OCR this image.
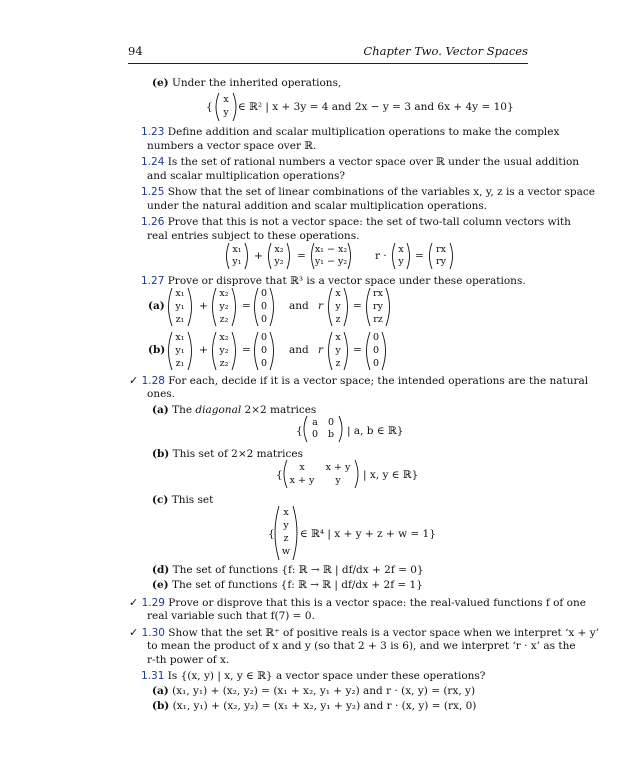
94	Chapter Two. Vector Spaces
(e) Under the inherited operations,
{
x
y ∈ ℝ² | x + 3y = 4 and 2x − y = 3 and 6x + 4y = 10}
1.23 Define addition and scalar multiplication operations to make the complex
numbers a vector space over ℝ.
1.24 Is the set of rational numbers a vector space over ℝ under the usual addition
and scalar multiplication operations?
1.25 Show that the set of linear combinations of the variables x, y, z is a vector space
under the natural addition and scalar multiplication operations.
1.26 Prove that this is not a vector space: the set of two-tall column vectors with
real entries subject to these operations.
x₁
y₁	+
x₂
y₂	=
x₁ − x₂
y₁ − y₂	r ·
x
y	=
rx
ry
1.27 Prove or disprove that ℝ³ is a vector space under these operations.
(a)
x₁
y₁
z₁
+
x₂
y₂
z₂
=
0
0
0
and r
x
y
z
=
rx
ry
rz
(b)
x₁
y₁
z₁
+
x₂
y₂
z₂
=
0
0
0
and r
x
y
z
=
0
0
0
✓ 1.28 For each, decide if it is a vector space; the intended operations are the natural
ones.
(a) The diagonal 2×2 matrices
{
a	0
0	b	| a, b ∈ ℝ}
(b) This set of 2×2 matrices
{
x	x + y
x + y	y	| x, y ∈ ℝ}
(c) This set
{
x
y
z
w
∈ ℝ⁴ | x + y + z + w = 1}
(d) The set of functions {f: ℝ → ℝ | df/dx + 2f = 0}
(e) The set of functions {f: ℝ → ℝ | df/dx + 2f = 1}
✓ 1.29 Prove or disprove that this is a vector space: the real-valued functions f of one
real variable such that f(7) = 0.
✓ 1.30 Show that the set ℝ⁺ of positive reals is a vector space when we interpret ‘x + y’
to mean the product of x and y (so that 2 + 3 is 6), and we interpret ‘r · x’ as the
r-th power of x.
1.31 Is {(x, y) | x, y ∈ ℝ} a vector space under these operations?
(a) (x₁, y₁) + (x₂, y₂) = (x₁ + x₂, y₁ + y₂) and r · (x, y) = (rx, y)
(b) (x₁, y₁) + (x₂, y₂) = (x₁ + x₂, y₁ + y₂) and r · (x, y) = (rx, 0)
